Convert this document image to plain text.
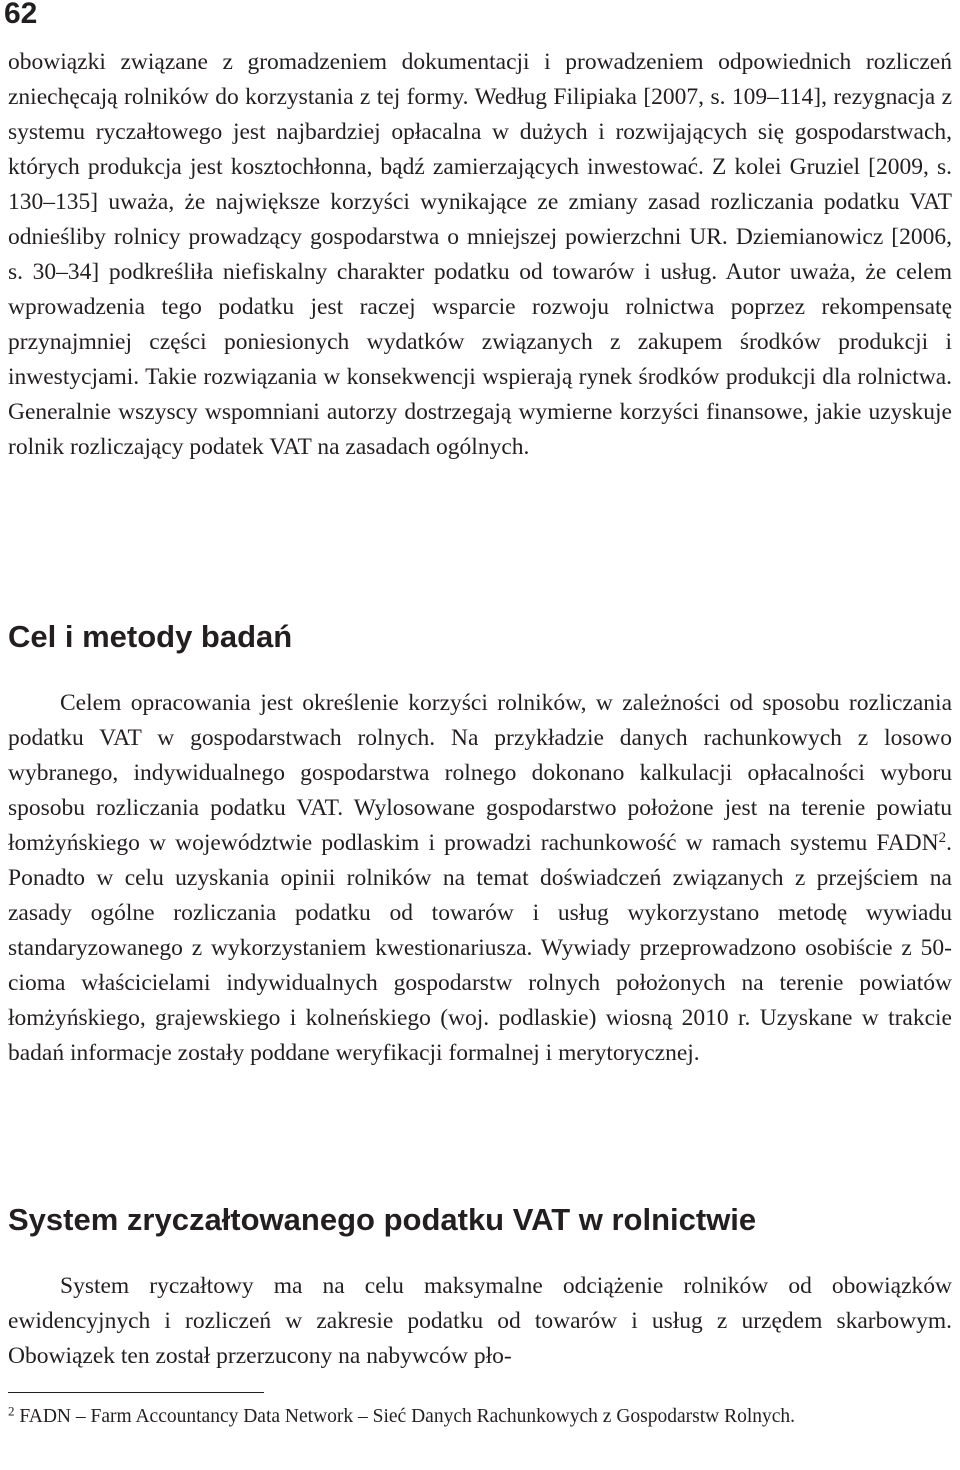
62

obowiązki związane z gromadzeniem dokumentacji i prowadzeniem odpowiednich rozliczeń zniechęcają rolników do korzystania z tej formy. Według Filipiaka [2007, s. 109–114], rezygnacja z systemu ryczałtowego jest najbardziej opłacalna w dużych i rozwijających się gospodarstwach, których produkcja jest kosztochłonna, bądź zamierzających inwestować. Z kolei Gruziel [2009, s. 130–135] uważa, że największe korzyści wynikające ze zmiany zasad rozliczania podatku VAT odnieśliby rolnicy prowadzący gospodarstwa o mniejszej powierzchni UR. Dziemianowicz [2006, s. 30–34] podkreśliła niefiskalny charakter podatku od towarów i usług. Autor uważa, że celem wprowadzenia tego podatku jest raczej wsparcie rozwoju rolnictwa poprzez rekompensatę przynajmniej części poniesionych wydatków związanych z zakupem środków produkcji i inwestycjami. Takie rozwiązania w konsekwencji wspierają rynek środków produkcji dla rolnictwa. Generalnie wszyscy wspomniani autorzy dostrzegają wymierne korzyści finansowe, jakie uzyskuje rolnik rozliczający podatek VAT na zasadach ogólnych.

Cel i metody badań

Celem opracowania jest określenie korzyści rolników, w zależności od sposobu rozliczania podatku VAT w gospodarstwach rolnych. Na przykładzie danych rachunkowych z losowo wybranego, indywidualnego gospodarstwa rolnego dokonano kalkulacji opłacalności wyboru sposobu rozliczania podatku VAT. Wylosowane gospodarstwo położone jest na terenie powiatu łomżyńskiego w województwie podlaskim i prowadzi rachunkowość w ramach systemu FADN$^2$. Ponadto w celu uzyskania opinii rolników na temat doświadczeń związanych z przejściem na zasady ogólne rozliczania podatku od towarów i usług wykorzystano metodę wywiadu standaryzowanego z wykorzystaniem kwestionariusza. Wywiady przeprowadzono osobiście z 50-cioma właścicielami indywidualnych gospodarstw rolnych położonych na terenie powiatów łomżyńskiego, grajewskiego i kolneńskiego (woj. podlaskie) wiosną 2010 r. Uzyskane w trakcie badań informacje zostały poddane weryfikacji formalnej i merytorycznej.

System zryczałtowanego podatku VAT w rolnictwie

System ryczałtowy ma na celu maksymalne odciążenie rolników od obowiązków ewidencyjnych i rozliczeń w zakresie podatku od towarów i usług z urzędem skarbowym. Obowiązek ten został przerzucony na nabywców pło-

$^2$ FADN – Farm Accountancy Data Network – Sieć Danych Rachunkowych z Gospodarstw Rolnych.
